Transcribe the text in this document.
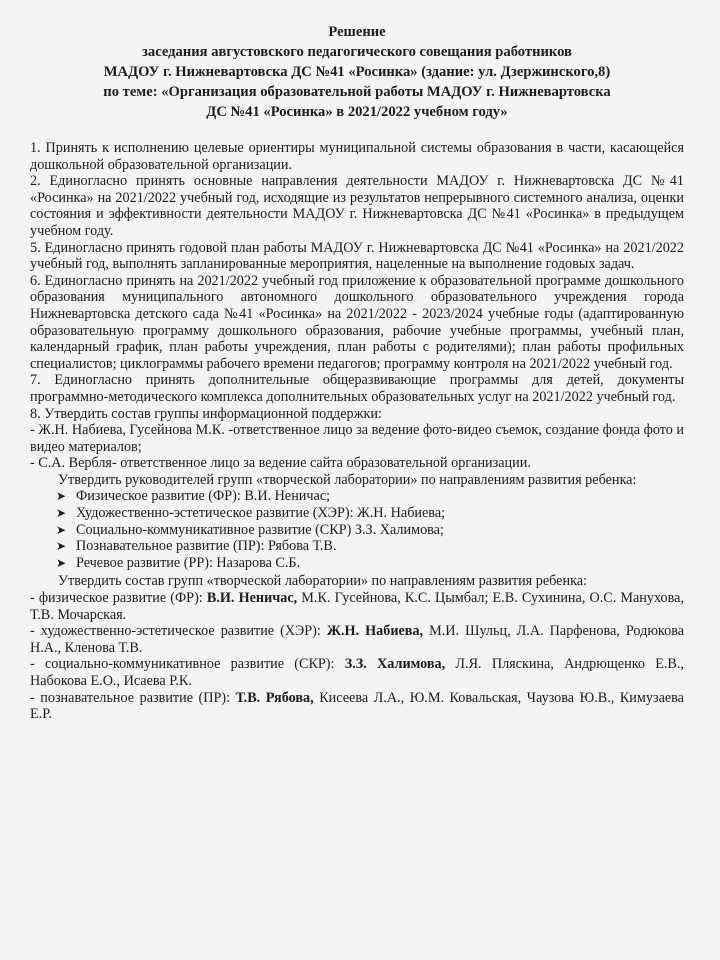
Решение
заседания августовского педагогического совещания работников
МАДОУ г. Нижневартовска ДС №41 «Росинка» (здание: ул. Дзержинского,8)
по теме: «Организация образовательной работы МАДОУ г. Нижневартовска
ДС №41 «Росинка» в 2021/2022 учебном году»

1. Принять к исполнению целевые ориентиры муниципальной системы образования в части, касающейся дошкольной образовательной организации.

2. Единогласно принять основные направления деятельности МАДОУ г. Нижневартовска ДС №41 «Росинка» на 2021/2022 учебный год, исходящие из результатов непрерывного системного анализа, оценки состояния и эффективности деятельности МАДОУ г. Нижневартовска ДС №41 «Росинка» в предыдущем учебном году.

5. Единогласно принять годовой план работы МАДОУ г. Нижневартовска ДС №41 «Росинка» на 2021/2022 учебный год, выполнять запланированные мероприятия, нацеленные на выполнение годовых задач.

6. Единогласно принять на 2021/2022 учебный год приложение к образовательной программе дошкольного образования муниципального автономного дошкольного образовательного учреждения города Нижневартовска детского сада №41 «Росинка» на 2021/2022 - 2023/2024 учебные годы (адаптированную образовательную программу дошкольного образования, рабочие учебные программы, учебный план, календарный график, план работы учреждения, план работы с родителями); план работы профильных специалистов; циклограммы рабочего времени педагогов; программу контроля на 2021/2022 учебный год.

7. Единогласно принять дополнительные общеразвивающие программы для детей, документы программно-методического комплекса дополнительных образовательных услуг на 2021/2022 учебный год.

8. Утвердить состав группы информационной поддержки:

- Ж.Н. Набиева, Гусейнова М.К. -ответственное лицо за ведение фото-видео съемок, создание фонда фото и видео материалов;

- С.А. Вербля- ответственное лицо за ведение сайта образовательной организации.

Утвердить руководителей групп «творческой лаборатории» по направлениям развития ребенка:

➤ Физическое развитие (ФР): В.И. Неничас;
➤ Художественно-эстетическое развитие (ХЭР): Ж.Н. Набиева;
➤ Социально-коммуникативное развитие (СКР) З.З. Халимова;
➤ Познавательное развитие (ПР): Рябова Т.В.
➤ Речевое развитие (РР): Назарова С.Б.

Утвердить состав групп «творческой лаборатории» по направлениям развития ребенка:

- физическое развитие (ФР): В.И. Неничас, М.К. Гусейнова, К.С. Цымбал; Е.В. Сухинина, О.С. Манухова, Т.В. Мочарская.

- художественно-эстетическое развитие (ХЭР): Ж.Н. Набиева, М.И. Шульц, Л.А. Парфенова, Родюкова Н.А., Кленова Т.В.

- социально-коммуникативное развитие (СКР): З.З. Халимова, Л.Я. Пляскина, Андрющенко Е.В., Набокова Е.О., Исаева Р.К.

- познавательное развитие (ПР): Т.В. Рябова, Кисеева Л.А., Ю.М. Ковальская, Чаузова Ю.В., Кимузаева Е.Р.
